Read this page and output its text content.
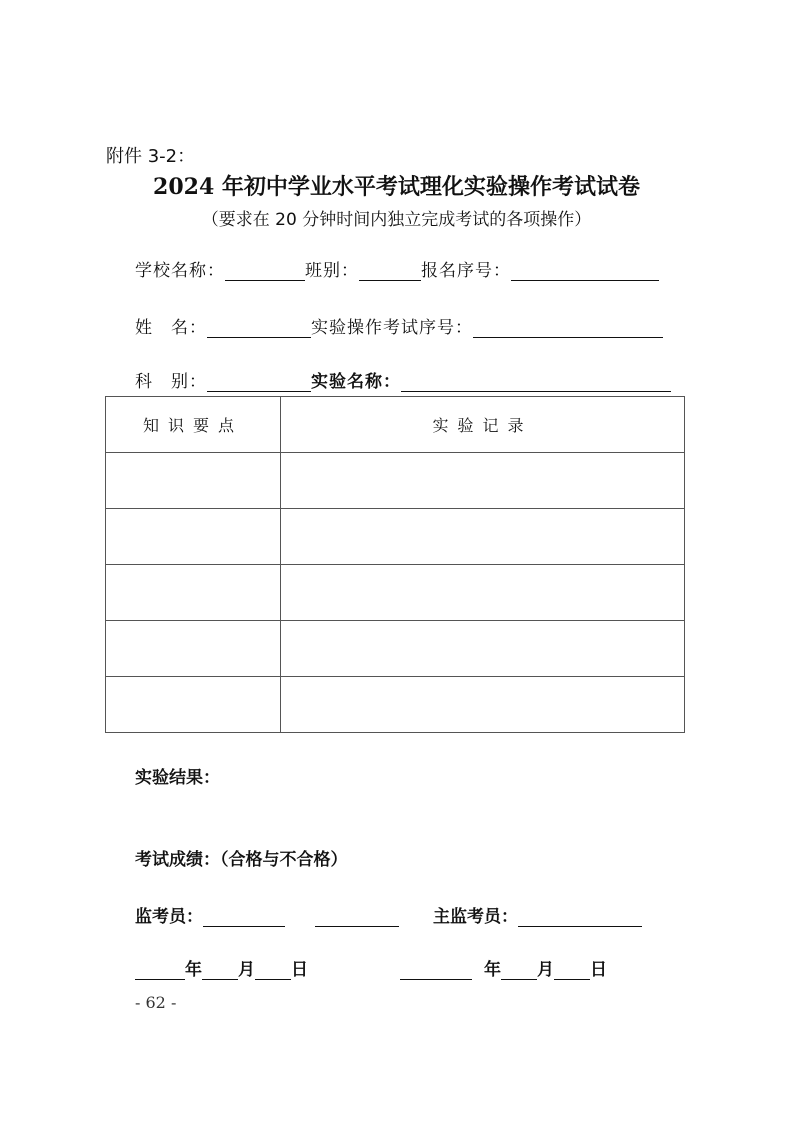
附件 3-2：
2024 年初中学业水平考试理化实验操作考试试卷
（要求在 20 分钟时间内独立完成考试的各项操作）
学校名称：	班别：	报名序号：
姓　名：	实验操作考试序号：
科　别：	实验名称：
知识要点	实验记录

实验结果：
考试成绩：（合格与不合格）
监考员：	主监考员：
年 月 日	年 月 日
- 62 -
